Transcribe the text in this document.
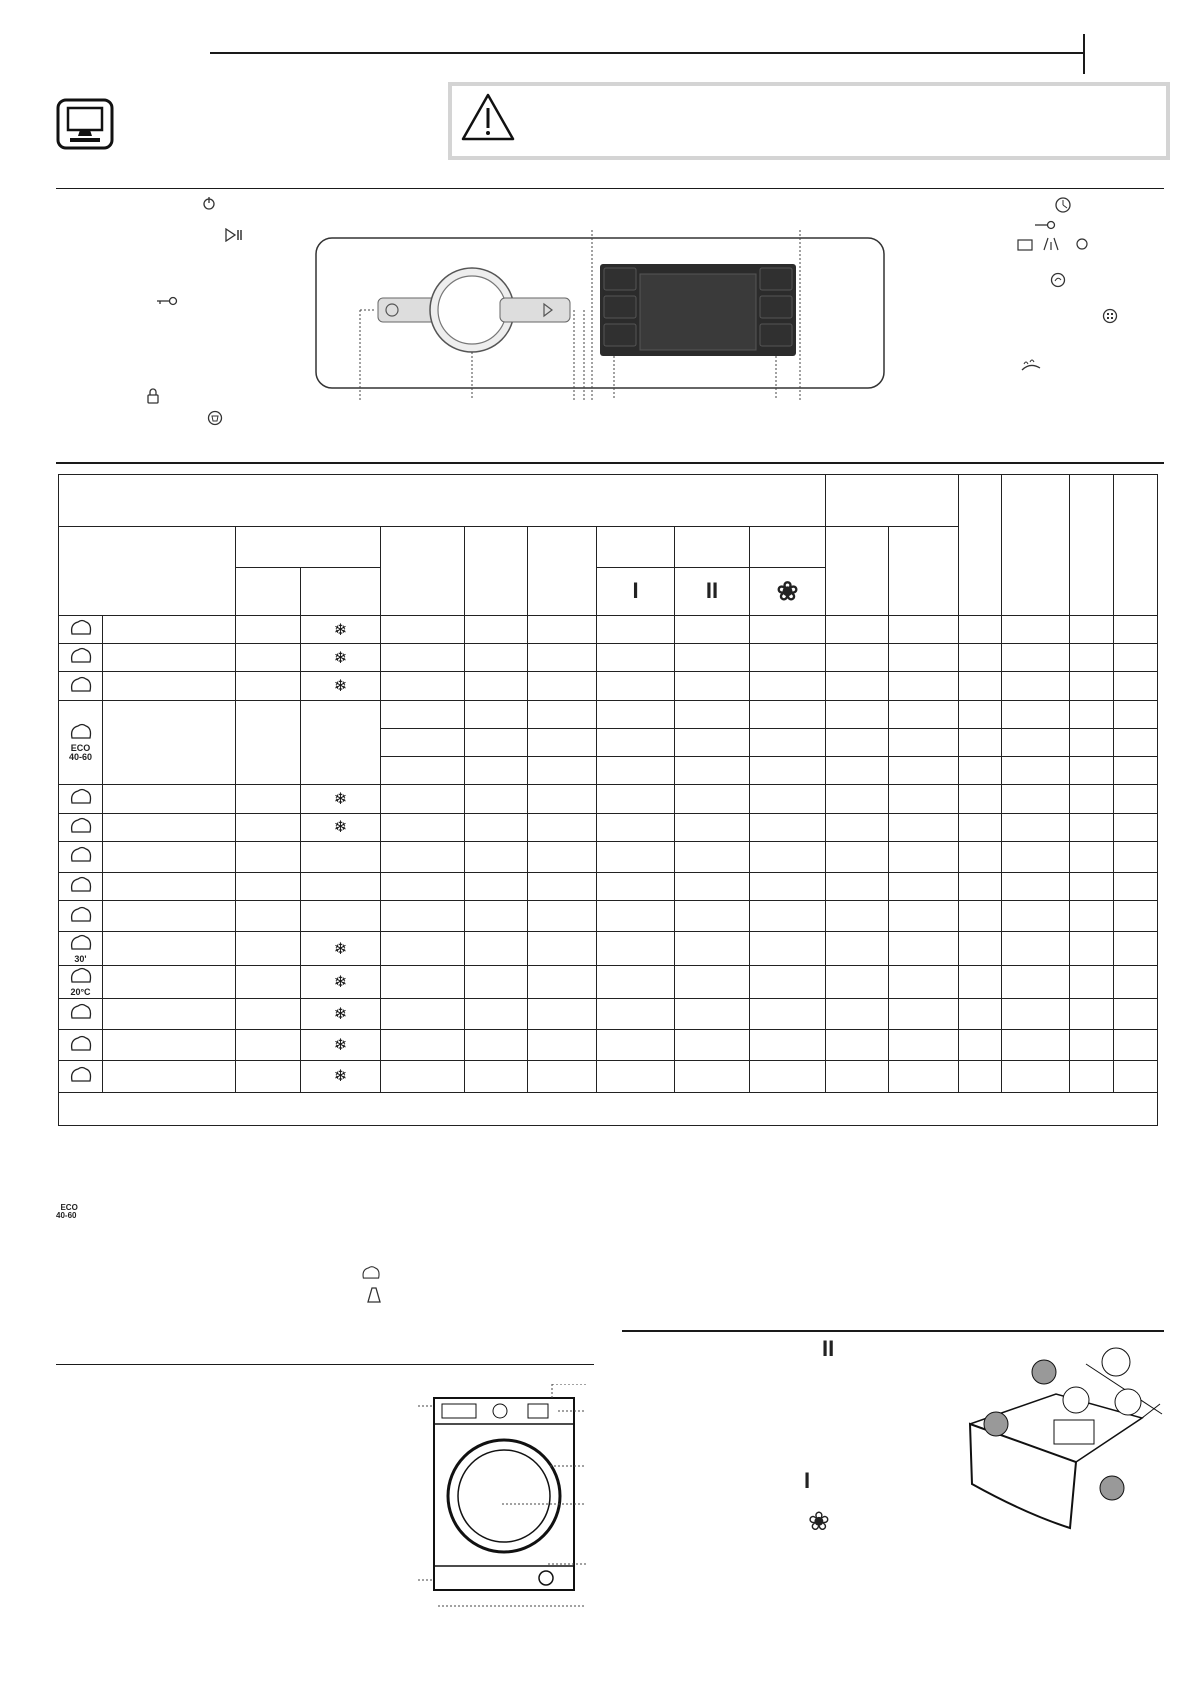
							I	II	❀						
			❄												
			❄												
			❄												

ECO
40-60															

			❄												
			❄												

30'			❄												

20°C			❄												
			❄												
			❄												
			❄												

ECO
40-60

II
I
❀
